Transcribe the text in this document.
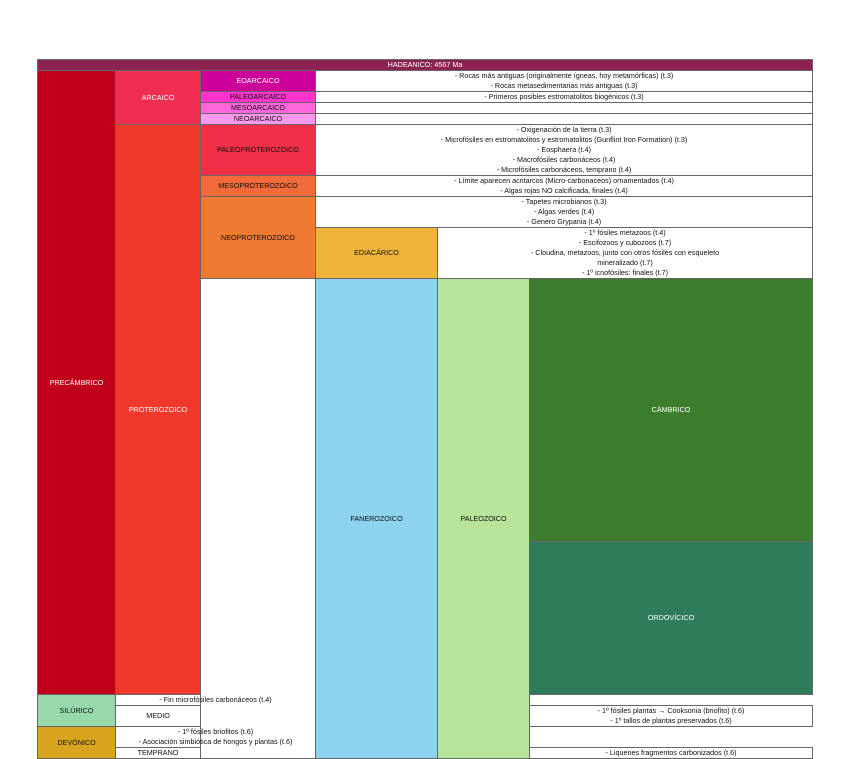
HADEANICO: 4567 Ma						
PRECÁMBRICO	ARCAICO	EOARCAICO	- Rocas más antiguas (originalmente ígneas, hoy metamórficas) (t.3)
- Rocas metasedimentarias más antiguas (t.3)			

		PALEOARCAICO	- Primeros posibles estromatolitos biogénicos (t.3)			
		MESOARCAICO				
		NEOARCAICO				
	PROTEROZOICO	PALEOPROTEROZOICO	- Oxigenación de la tierra (t.3)
- Microfósiles en estromatolitos y estromatolitos (Gunflint Iron Formation) (t.3)
- Eosphaera (t.4)
- Macrofósiles carbonáceos (t.4)
- Microfósiles carbonáceos, temprano (t.4)			

		MESOPROTEROZOICO	- Límite aparecen acritarcos (Micro-carbonaceos) ornamentados (t.4)
- Algas rojas NO calcificada, finales (t.4)			

		NEOPROTEROZOICO	- Tapetes microbianos (t.3)
- Algas verdes (t.4)
- Genero Grypania (t.4)			

			EDIACÁRICO	- 1º fósiles metazoos (t.4)
- Escifozoos y cubozoos (t.7)
- Cloudina, metazoos, junto con otros fósiles con esqueleto
mineralizado (t.7)
- 1º icnofósiles: finales (t.7)		

			FANEROZOICO	PALEOZOICO	CÁMBRICO		

					ORDOVÍCICO		

SILÚRICO	- Fin microfósiles carbonáceos (t.4)					
	MEDIO				- 1º fósiles plantas → Cooksonia (briofito) (t.6)
- 1º tallos de plantas preservados (t.6)	

DEVÓNICO	- 1º fósiles briofitos (t.6)
- Asociación simbiótica de hongos y plantas (t.6)					

	TEMPRANO				- Liquenes fragmentos carbonizados (t.6)	
